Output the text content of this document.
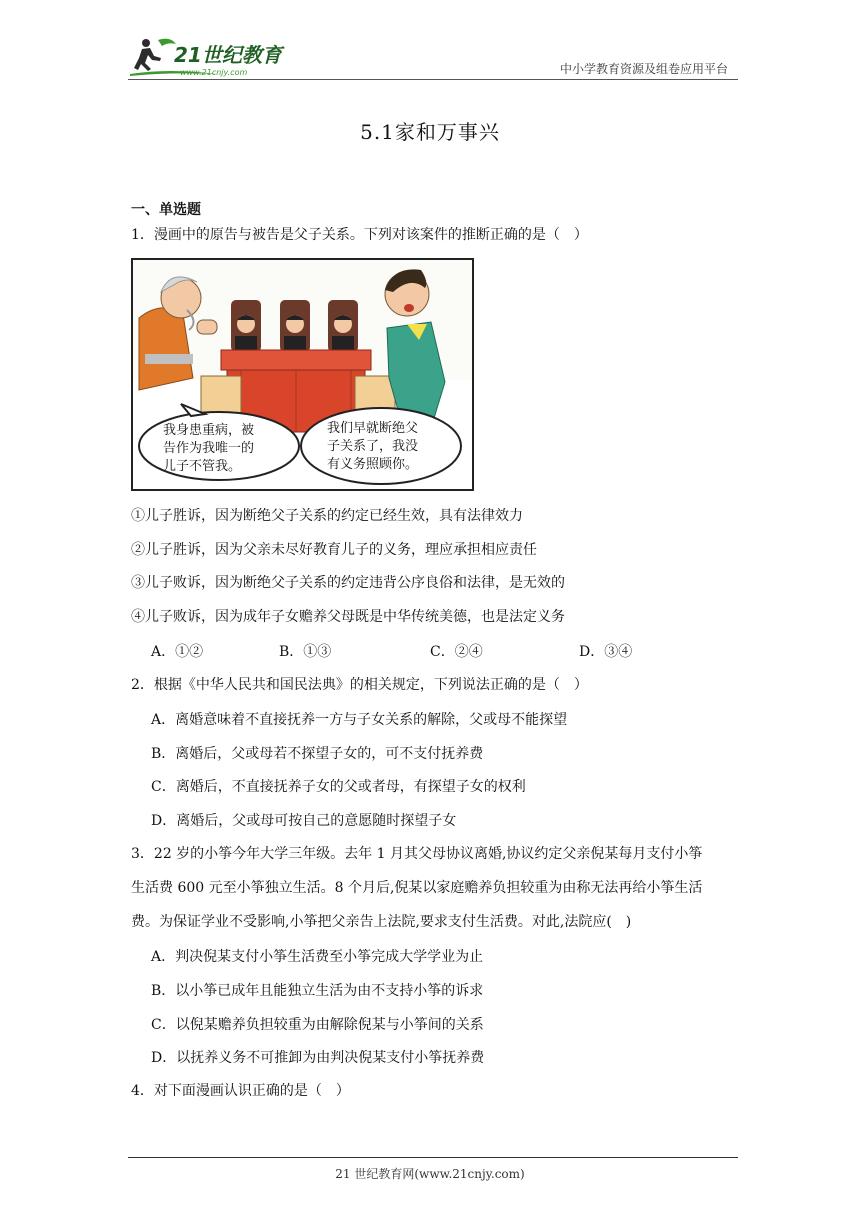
21世纪教育
www.21cnjy.com	中小学教育资源及组卷应用平台
5.1家和万事兴
一、单选题
1．漫画中的原告与被告是父子关系。下列对该案件的推断正确的是（　）
我身患重病，被 告作为我唯一的 儿子不管我。
我们早就断绝父 子关系了，我没 有义务照顾你。
①儿子胜诉，因为断绝父子关系的约定已经生效，具有法律效力
②儿子胜诉，因为父亲未尽好教育儿子的义务，理应承担相应责任
③儿子败诉，因为断绝父子关系的约定违背公序良俗和法律，是无效的
④儿子败诉，因为成年子女赡养父母既是中华传统美德，也是法定义务
A．①②	B．①③	C．②④	D．③④
2．根据《中华人民共和国民法典》的相关规定，下列说法正确的是（　）
A．离婚意味着不直接抚养一方与子女关系的解除，父或母不能探望
B．离婚后，父或母若不探望子女的，可不支付抚养费
C．离婚后，不直接抚养子女的父或者母，有探望子女的权利
D．离婚后，父或母可按自己的意愿随时探望子女
3．22 岁的小筝今年大学三年级。去年 1 月其父母协议离婚,协议约定父亲倪某每月支付小筝
生活费 600 元至小筝独立生活。8 个月后,倪某以家庭赡养负担较重为由称无法再给小筝生活
费。为保证学业不受影响,小筝把父亲告上法院,要求支付生活费。对此,法院应(　)
A．判决倪某支付小筝生活费至小筝完成大学学业为止
B．以小筝已成年且能独立生活为由不支持小筝的诉求
C．以倪某赡养负担较重为由解除倪某与小筝间的关系
D．以抚养义务不可推卸为由判决倪某支付小筝抚养费
4．对下面漫画认识正确的是（　）
21 世纪教育网(www.21cnjy.com)
